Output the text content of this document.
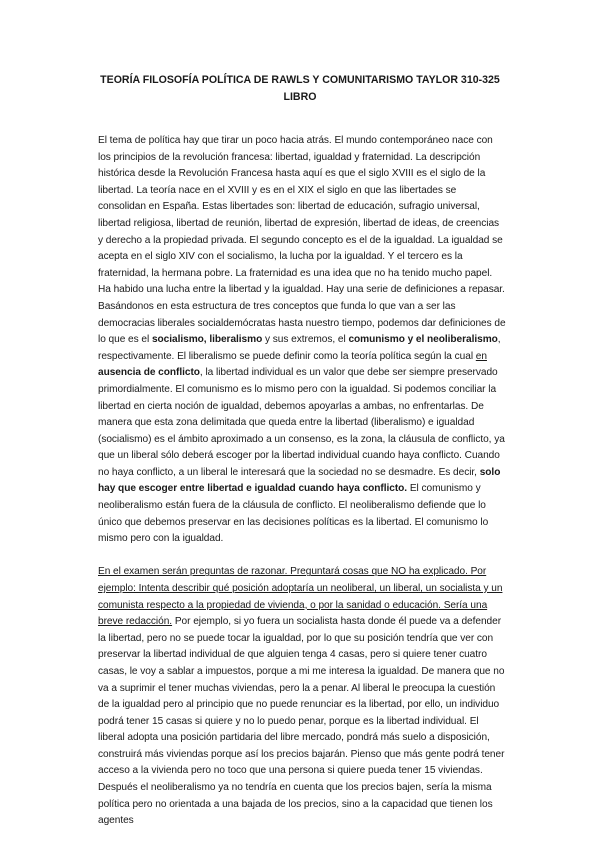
TEORÍA FILOSOFÍA POLÍTICA DE RAWLS Y COMUNITARISMO TAYLOR 310-325
LIBRO

El tema de política hay que tirar un poco hacia atrás. El mundo contemporáneo nace con los principios de la revolución francesa: libertad, igualdad y fraternidad. La descripción histórica desde la Revolución Francesa hasta aquí es que el siglo XVIII es el siglo de la libertad. La teoría nace en el XVIII y es en el XIX el siglo en que las libertades se consolidan en España. Estas libertades son: libertad de educación, sufragio universal, libertad religiosa, libertad de reunión, libertad de expresión, libertad de ideas, de creencias y derecho a la propiedad privada. El segundo concepto es el de la igualdad. La igualdad se acepta en el siglo XIV con el socialismo, la lucha por la igualdad. Y el tercero es la fraternidad, la hermana pobre. La fraternidad es una idea que no ha tenido mucho papel.

Ha habido una lucha entre la libertad y la igualdad. Hay una serie de definiciones a repasar. Basándonos en esta estructura de tres conceptos que funda lo que van a ser las democracias liberales socialdemócratas hasta nuestro tiempo, podemos dar definiciones de lo que es el socialismo, liberalismo y sus extremos, el comunismo y el neoliberalismo, respectivamente. El liberalismo se puede definir como la teoría política según la cual en ausencia de conflicto, la libertad individual es un valor que debe ser siempre preservado primordialmente. El comunismo es lo mismo pero con la igualdad. Si podemos conciliar la libertad en cierta noción de igualdad, debemos apoyarlas a ambas, no enfrentarlas. De manera que esta zona delimitada que queda entre la libertad (liberalismo) e igualdad (socialismo) es el ámbito aproximado a un consenso, es la zona, la cláusula de conflicto, ya que un liberal sólo deberá escoger por la libertad individual cuando haya conflicto. Cuando no haya conflicto, a un liberal le interesará que la sociedad no se desmadre. Es decir, solo hay que escoger entre libertad e igualdad cuando haya conflicto. El comunismo y neoliberalismo están fuera de la cláusula de conflicto. El neoliberalismo defiende que lo único que debemos preservar en las decisiones políticas es la libertad. El comunismo lo mismo pero con la igualdad.

En el examen serán preguntas de razonar. Preguntará cosas que NO ha explicado. Por ejemplo: Intenta describir qué posición adoptaría un neoliberal, un liberal, un socialista y un comunista respecto a la propiedad de vivienda, o por la sanidad o educación. Sería una breve redacción. Por ejemplo, si yo fuera un socialista hasta donde él puede va a defender la libertad, pero no se puede tocar la igualdad, por lo que su posición tendría que ver con preservar la libertad individual de que alguien tenga 4 casas, pero si quiere tener cuatro casas, le voy a sablar a impuestos, porque a mi me interesa la igualdad. De manera que no va a suprimir el tener muchas viviendas, pero la a penar. Al liberal le preocupa la cuestión de la igualdad pero al principio que no puede renunciar es la libertad, por ello, un individuo podrá tener 15 casas si quiere y no lo puedo penar, porque es la libertad individual. El liberal adopta una posición partidaria del libre mercado, pondrá más suelo a disposición, construirá más viviendas porque así los precios bajarán. Pienso que más gente podrá tener acceso a la vivienda pero no toco que una persona si quiere pueda tener 15 viviendas. Después el neoliberalismo ya no tendría en cuenta que los precios bajen, sería la misma política pero no orientada a una bajada de los precios, sino a la capacidad que tienen los agentes
